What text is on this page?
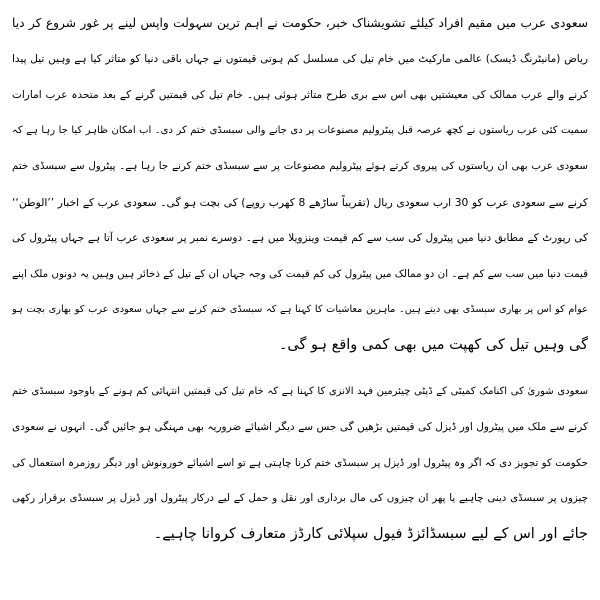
سعودی عرب میں مقیم افراد کیلئے تشویشناک خبر، حکومت نے اہم ترین سہولت واپس لینے پر غور شروع کر دیا
ریاض (مانیٹرنگ ڈیسک) عالمی مارکیٹ میں خام تیل کی مسلسل کم ہوتی قیمتوں نے جہاں باقی دنیا کو متاثر کیا ہے وہیں تیل پیدا
کرنے والے عرب ممالک کی معیشتیں بھی اس سے بری طرح متاثر ہوئی ہیں۔ خام تیل کی قیمتیں گرنے کے بعد متحدہ عرب امارات
سمیت کئی عرب ریاستوں نے کچھ عرصہ قبل پیٹرولیم مصنوعات پر دی جانے والی سبسڈی ختم کر دی۔ اب امکان ظاہر کیا جا رہا ہے کہ
سعودی عرب بھی ان ریاستوں کی پیروی کرتے ہوئے پیٹرولیم مصنوعات پر سے سبسڈی ختم کرنے جا رہا ہے۔ پیٹرول سے سبسڈی ختم
کرنے سے سعودی عرب کو 30 ارب سعودی ریال (تقریباً ساڑھے 8 کھرب روپے) کی بچت ہو گی۔ سعودی عرب کے اخبار ’’الوطن‘‘
کی رپورٹ کے مطابق دنیا میں پیٹرول کی سب سے کم قیمت وینزویلا میں ہے۔ دوسرے نمبر پر سعودی عرب آتا ہے جہاں پیٹرول کی
قیمت دنیا میں سب سے کم ہے۔ ان دو ممالک میں پیٹرول کی کم قیمت کی وجہ جہاں ان کے تیل کے ذخائر ہیں وہیں یہ دونوں ملک اپنے
عوام کو اس پر بھاری سبسڈی بھی دیتے ہیں۔ ماہرین معاشیات کا کہنا ہے کہ سبسڈی ختم کرنے سے جہاں سعودی عرب کو بھاری بچت ہو
گی وہیں تیل کی کھپت میں بھی کمی واقع ہو گی۔
سعودی شوریٰ کی اکنامک کمیٹی کے ڈپٹی چیئرمین فہد الانزی کا کہنا ہے کہ خام تیل کی قیمتیں انتہائی کم ہونے کے باوجود سبسڈی ختم
کرنے سے ملک میں پیٹرول اور ڈیزل کی قیمتیں بڑھیں گی جس سے دیگر اشیائے ضروریہ بھی مہنگی ہو جائیں گی۔ انہوں نے سعودی
حکومت کو تجویز دی کہ اگر وہ پیٹرول اور ڈیزل پر سبسڈی ختم کرنا چاہتی ہے تو اسے اشیائے خورونوش اور دیگر روزمرہ استعمال کی
چیزوں پر سبسڈی دینی چاہیے یا پھر ان چیزوں کی مال برداری اور نقل و حمل کے لیے درکار پیٹرول اور ڈیزل پر سبسڈی برقرار رکھی
جائے اور اس کے لیے سبسڈائزڈ فیول سپلائی کارڈز متعارف کروانا چاہیے۔
